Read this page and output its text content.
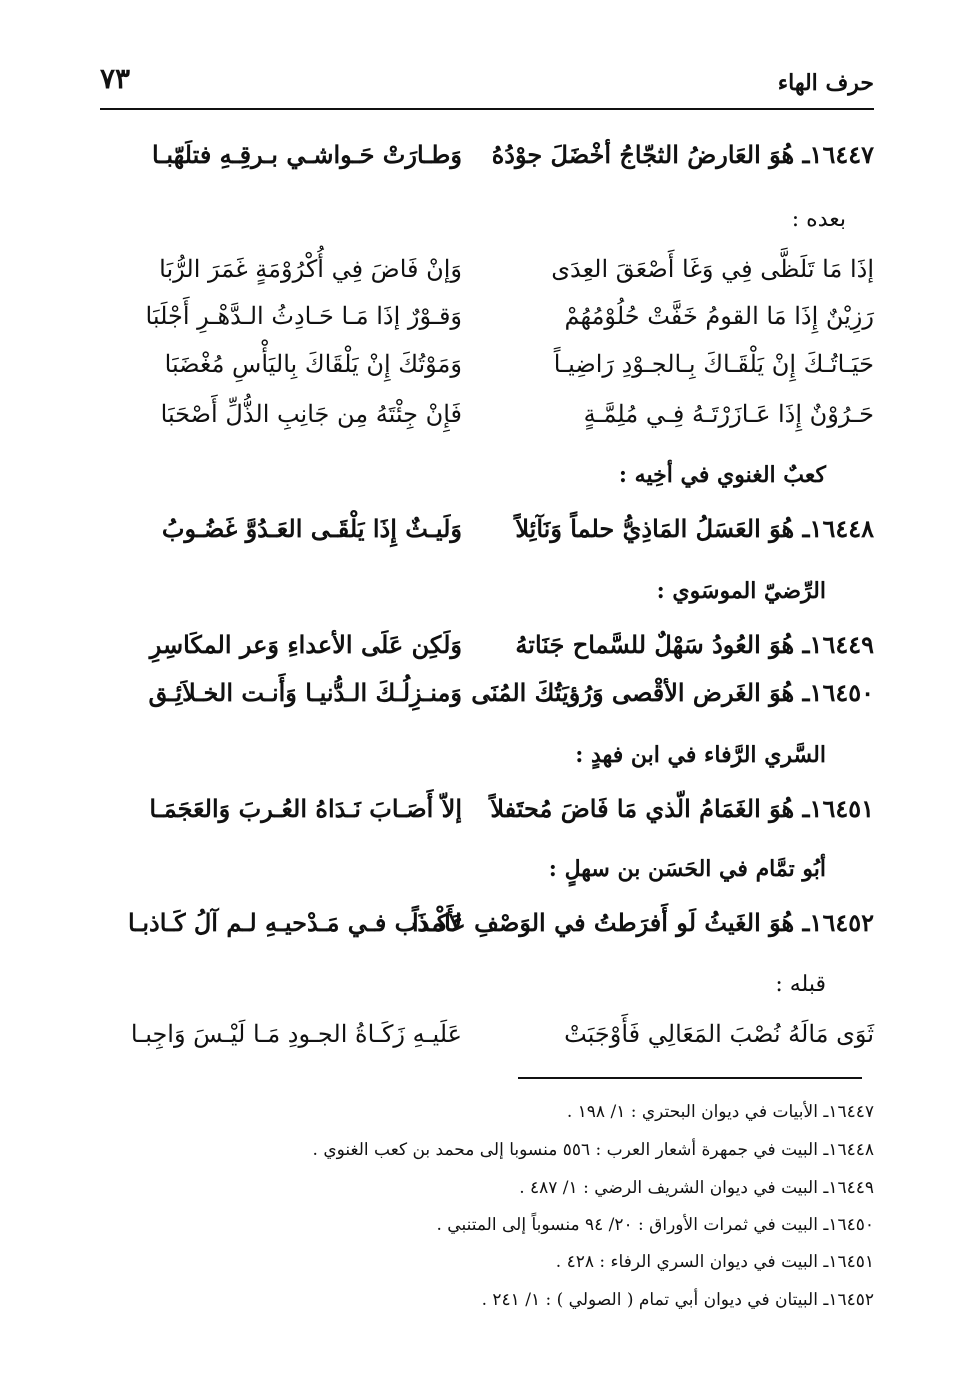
حرف الهاء
٧٣
١٦٤٤٧ـ هُوَ العَارضُ الثجّاجُ أخْضَلَ جوْدُهُ
وَطـارَتْ حَـواشـي بـرقِـهِ فتلَهّبـا
بعده :
إذَا مَا تَلَظَّى فِي وَغَا أَصْعَقَ العِدَى
وَإنْ فَاضَ فِي أُكْرُوْمَةٍ غَمَرَ الرُّبَا
رَزِيْنٌ إِذَا مَا القومُ خَفَّتْ حُلُوْمُهُمْ
وَقـوْرٌ إذَا مَـا حَـادِثُ الـدَّهْـرِ أَجْلَبَا
حَيَـاتُـكَ إِنْ يَلْقَـاكَ بِـالجـوْدِ رَاضِيـاً
وَمَوْتُكَ إِنْ يَلْقَاكَ بِاليَأْسِ مُغْضَبَا
حَـرُوْنٌ إِذَا عَـازَرْتَـهُ فِـي مُلِمَّـةٍ
فَإِنْ جِئْتَهُ مِن جَانِبِ الذُّلِّ أَصْحَبَا
كعبٌ الغنوي في أخِيه :
١٦٤٤٨ـ هُوَ العَسَلُ المَاذِيُّ حلماً وَنَآئِلاً
وَلَيـثٌ إِذَا يَلْقَـى العَـدُوَّ غَضُـوبُ
الرِّضيّ الموسَوي :
١٦٤٤٩ـ هُوَ العُودُ سَهْلٌ للسَّماح جَنَاتهُ
وَلَكِن عَلَى الأعداءِ وَعر المكَاسِرِ
١٦٤٥٠ـ هُوَ الغَرض الأقْصى وَرُؤيَتُكَ المُنَى
وَمنـزِلُـكَ الـدُّنيـا وَأَنـت الخـلاَئِـق
السَّري الرَّفاء في ابن فهدٍ :
١٦٤٥١ـ هُوَ الغَمَامُ الّذي مَا فَاضَ مُحتَفلاً
إلاّ أَصَـابَ نَـدَاهُ العُـربَ وَالعَجَمَـا
أبُو تمَّام في الحَسَن بن سهلٍ :
١٦٤٥٢ـ هُوَ الغَيثُ لَو أَفرَطتُ في الوَصْفِ عَامداً
لأَكْـذَب فـي مَـدْحيـهِ لـم آلُ كَـاذبـا
قبله :
ثَوَى مَالَهُ نُصْبَ المَعَالِي فَأَوْجَبَتْ
عَلَيـهِ زَكَـاةُ الجـودِ مَـا لَيْـسَ وَاجِبـا
١٦٤٤٧ـ الأبيات في ديوان البحتري : ١/ ١٩٨ .
١٦٤٤٨ـ البيت في جمهرة أشعار العرب : ٥٥٦ منسوبا إلى محمد بن كعب الغنوي .
١٦٤٤٩ـ البيت في ديوان الشريف الرضي : ١/ ٤٨٧ .
١٦٤٥٠ـ البيت في ثمرات الأوراق : ٢٠/ ٩٤ منسوباً إلى المتنبي .
١٦٤٥١ـ البيت في ديوان السري الرفاء : ٤٢٨ .
١٦٤٥٢ـ البيتان في ديوان أبي تمام ( الصولي ) : ١/ ٢٤١ .
